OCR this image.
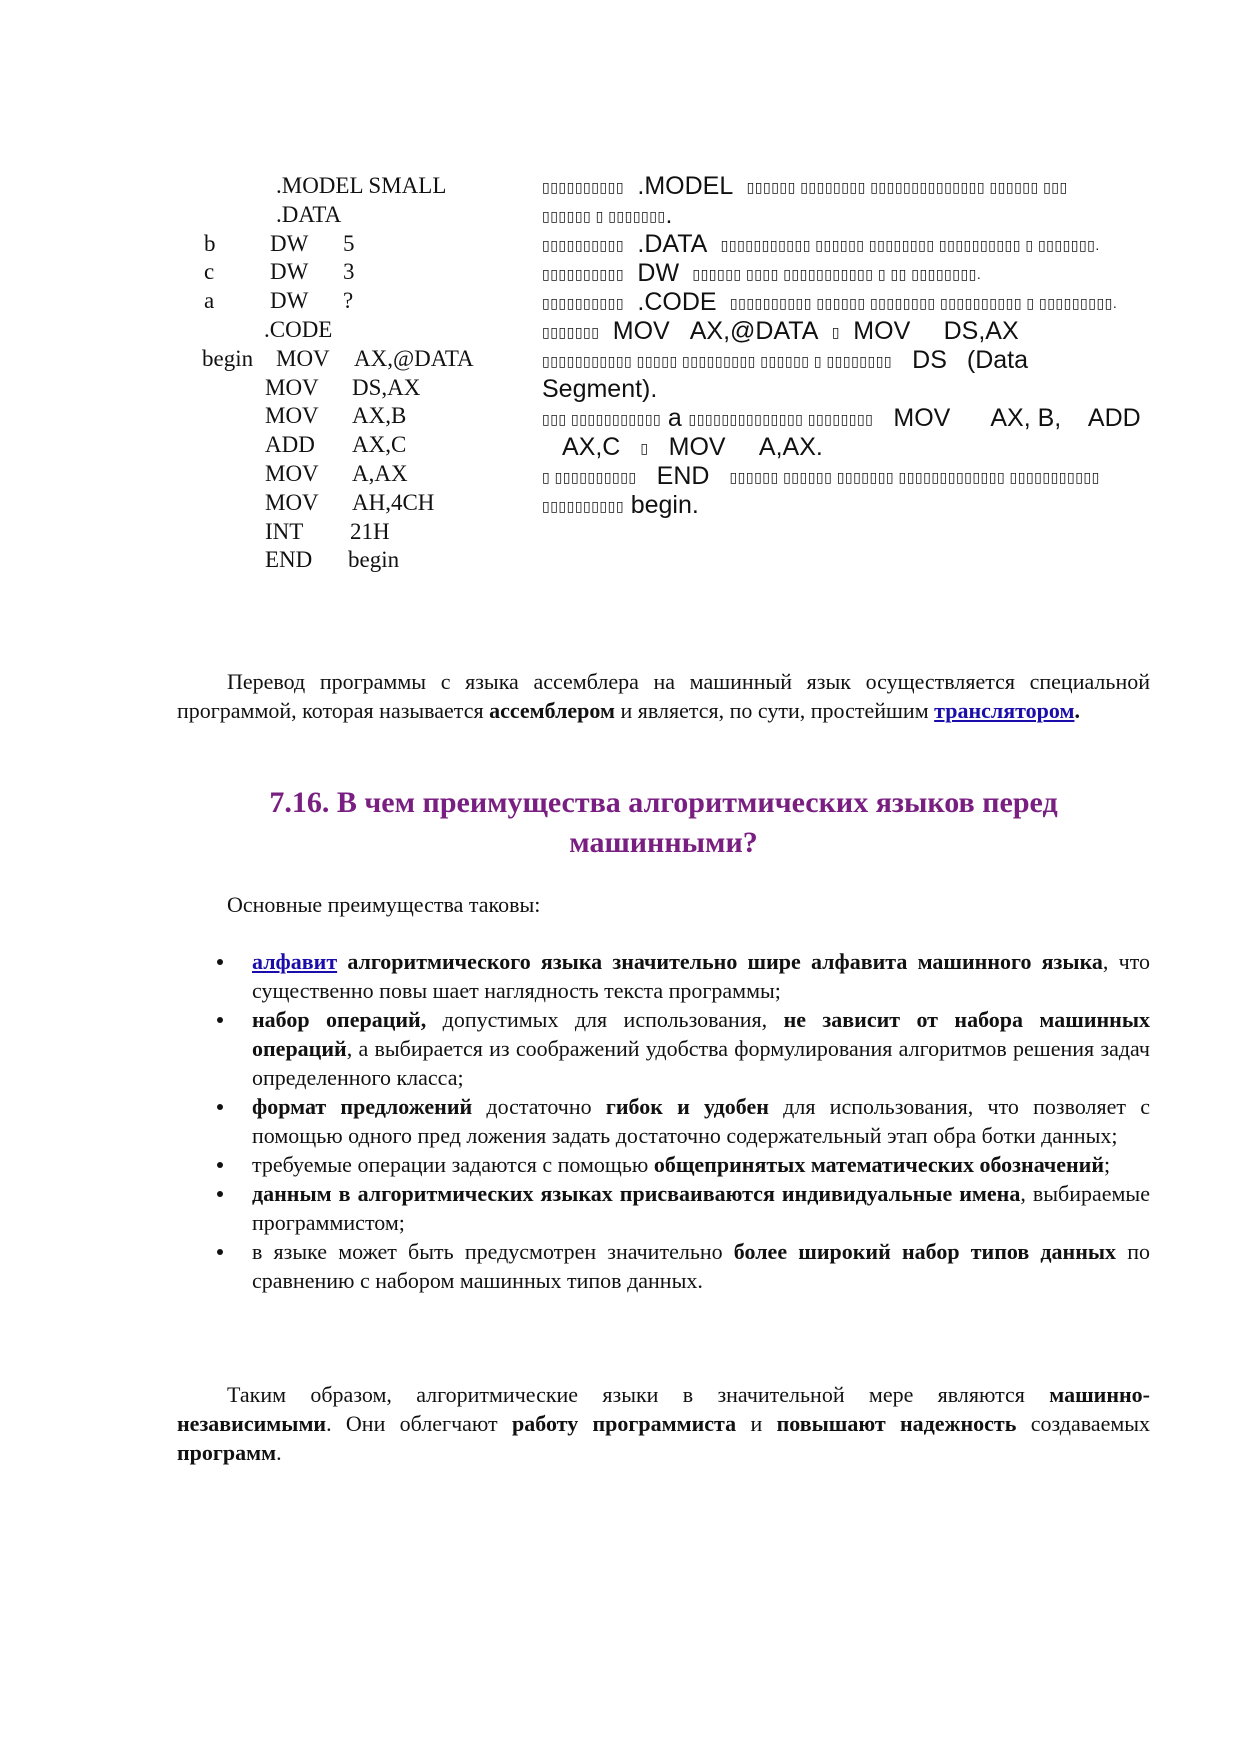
.MODEL SMALL
.DATA
b DW 5
c DW 3
a DW ?
.CODE
begin MOV AX,@DATA
MOV DS,AX
MOV AX,B
ADD AX,C
MOV A,AX
MOV AH,4CH
INT 21H
END begin
▯▯▯▯▯▯▯▯▯▯ .MODEL ▯▯▯▯▯▯ ▯▯▯▯▯▯▯▯ ▯▯▯▯▯▯▯▯▯▯▯▯▯▯ ▯▯▯▯▯▯ ▯▯▯
▯▯▯▯▯▯ ▯ ▯▯▯▯▯▯▯.
▯▯▯▯▯▯▯▯▯▯ .DATA ▯▯▯▯▯▯▯▯▯▯▯ ▯▯▯▯▯▯ ▯▯▯▯▯▯▯▯ ▯▯▯▯▯▯▯▯▯▯ ▯ ▯▯▯▯▯▯▯.
▯▯▯▯▯▯▯▯▯▯ DW ▯▯▯▯▯▯ ▯▯▯▯ ▯▯▯▯▯▯▯▯▯▯▯ ▯ ▯▯ ▯▯▯▯▯▯▯▯.
▯▯▯▯▯▯▯▯▯▯ .CODE ▯▯▯▯▯▯▯▯▯▯ ▯▯▯▯▯▯ ▯▯▯▯▯▯▯▯ ▯▯▯▯▯▯▯▯▯▯ ▯ ▯▯▯▯▯▯▯▯▯.
▯▯▯▯▯▯▯ MOV AX,@DATA ▯ MOV DS,AX
▯▯▯▯▯▯▯▯▯▯▯ ▯▯▯▯▯ ▯▯▯▯▯▯▯▯▯ ▯▯▯▯▯▯ ▯ ▯▯▯▯▯▯▯▯ DS (Data
Segment).
▯▯▯ ▯▯▯▯▯▯▯▯▯▯▯ a ▯▯▯▯▯▯▯▯▯▯▯▯▯▯ ▯▯▯▯▯▯▯▯ MOV AX, B, ADD
AX,C ▯ MOV A,AX.
▯ ▯▯▯▯▯▯▯▯▯▯ END ▯▯▯▯▯▯ ▯▯▯▯▯▯ ▯▯▯▯▯▯▯ ▯▯▯▯▯▯▯▯▯▯▯▯▯ ▯▯▯▯▯▯▯▯▯▯▯
▯▯▯▯▯▯▯▯▯▯ begin.
Перевод программы с языка ассемблера на машинный язык осуществляется специальной программой, которая называется ассемблером и является, по сути, простейшим транслятором.
7.16. В чем преимущества алгоритмических языков перед
машинными?
Основные преимущества таковы:
алфавит алгоритмического языка значительно шире алфавита машинного языка, что существенно повы шает наглядность текста программы;
набор операций, допустимых для использования, не зависит от набора машинных операций, а выбирается из соображений удобства формулирования алгоритмов решения задач определенного класса;
формат предложений достаточно гибок и удобен для использования, что позволяет с помощью одного пред ложения задать достаточно содержательный этап обра ботки данных;
требуемые операции задаются с помощью общепринятых математических обозначений;
данным в алгоритмических языках присваиваются индивидуальные имена, выбираемые программистом;
в языке может быть предусмотрен значительно более широкий набор типов данных по сравнению с набором машинных типов данных.
Таким образом, алгоритмические языки в значительной мере являются машинно-независимыми. Они облегчают работу программиста и повышают надежность создаваемых программ.
